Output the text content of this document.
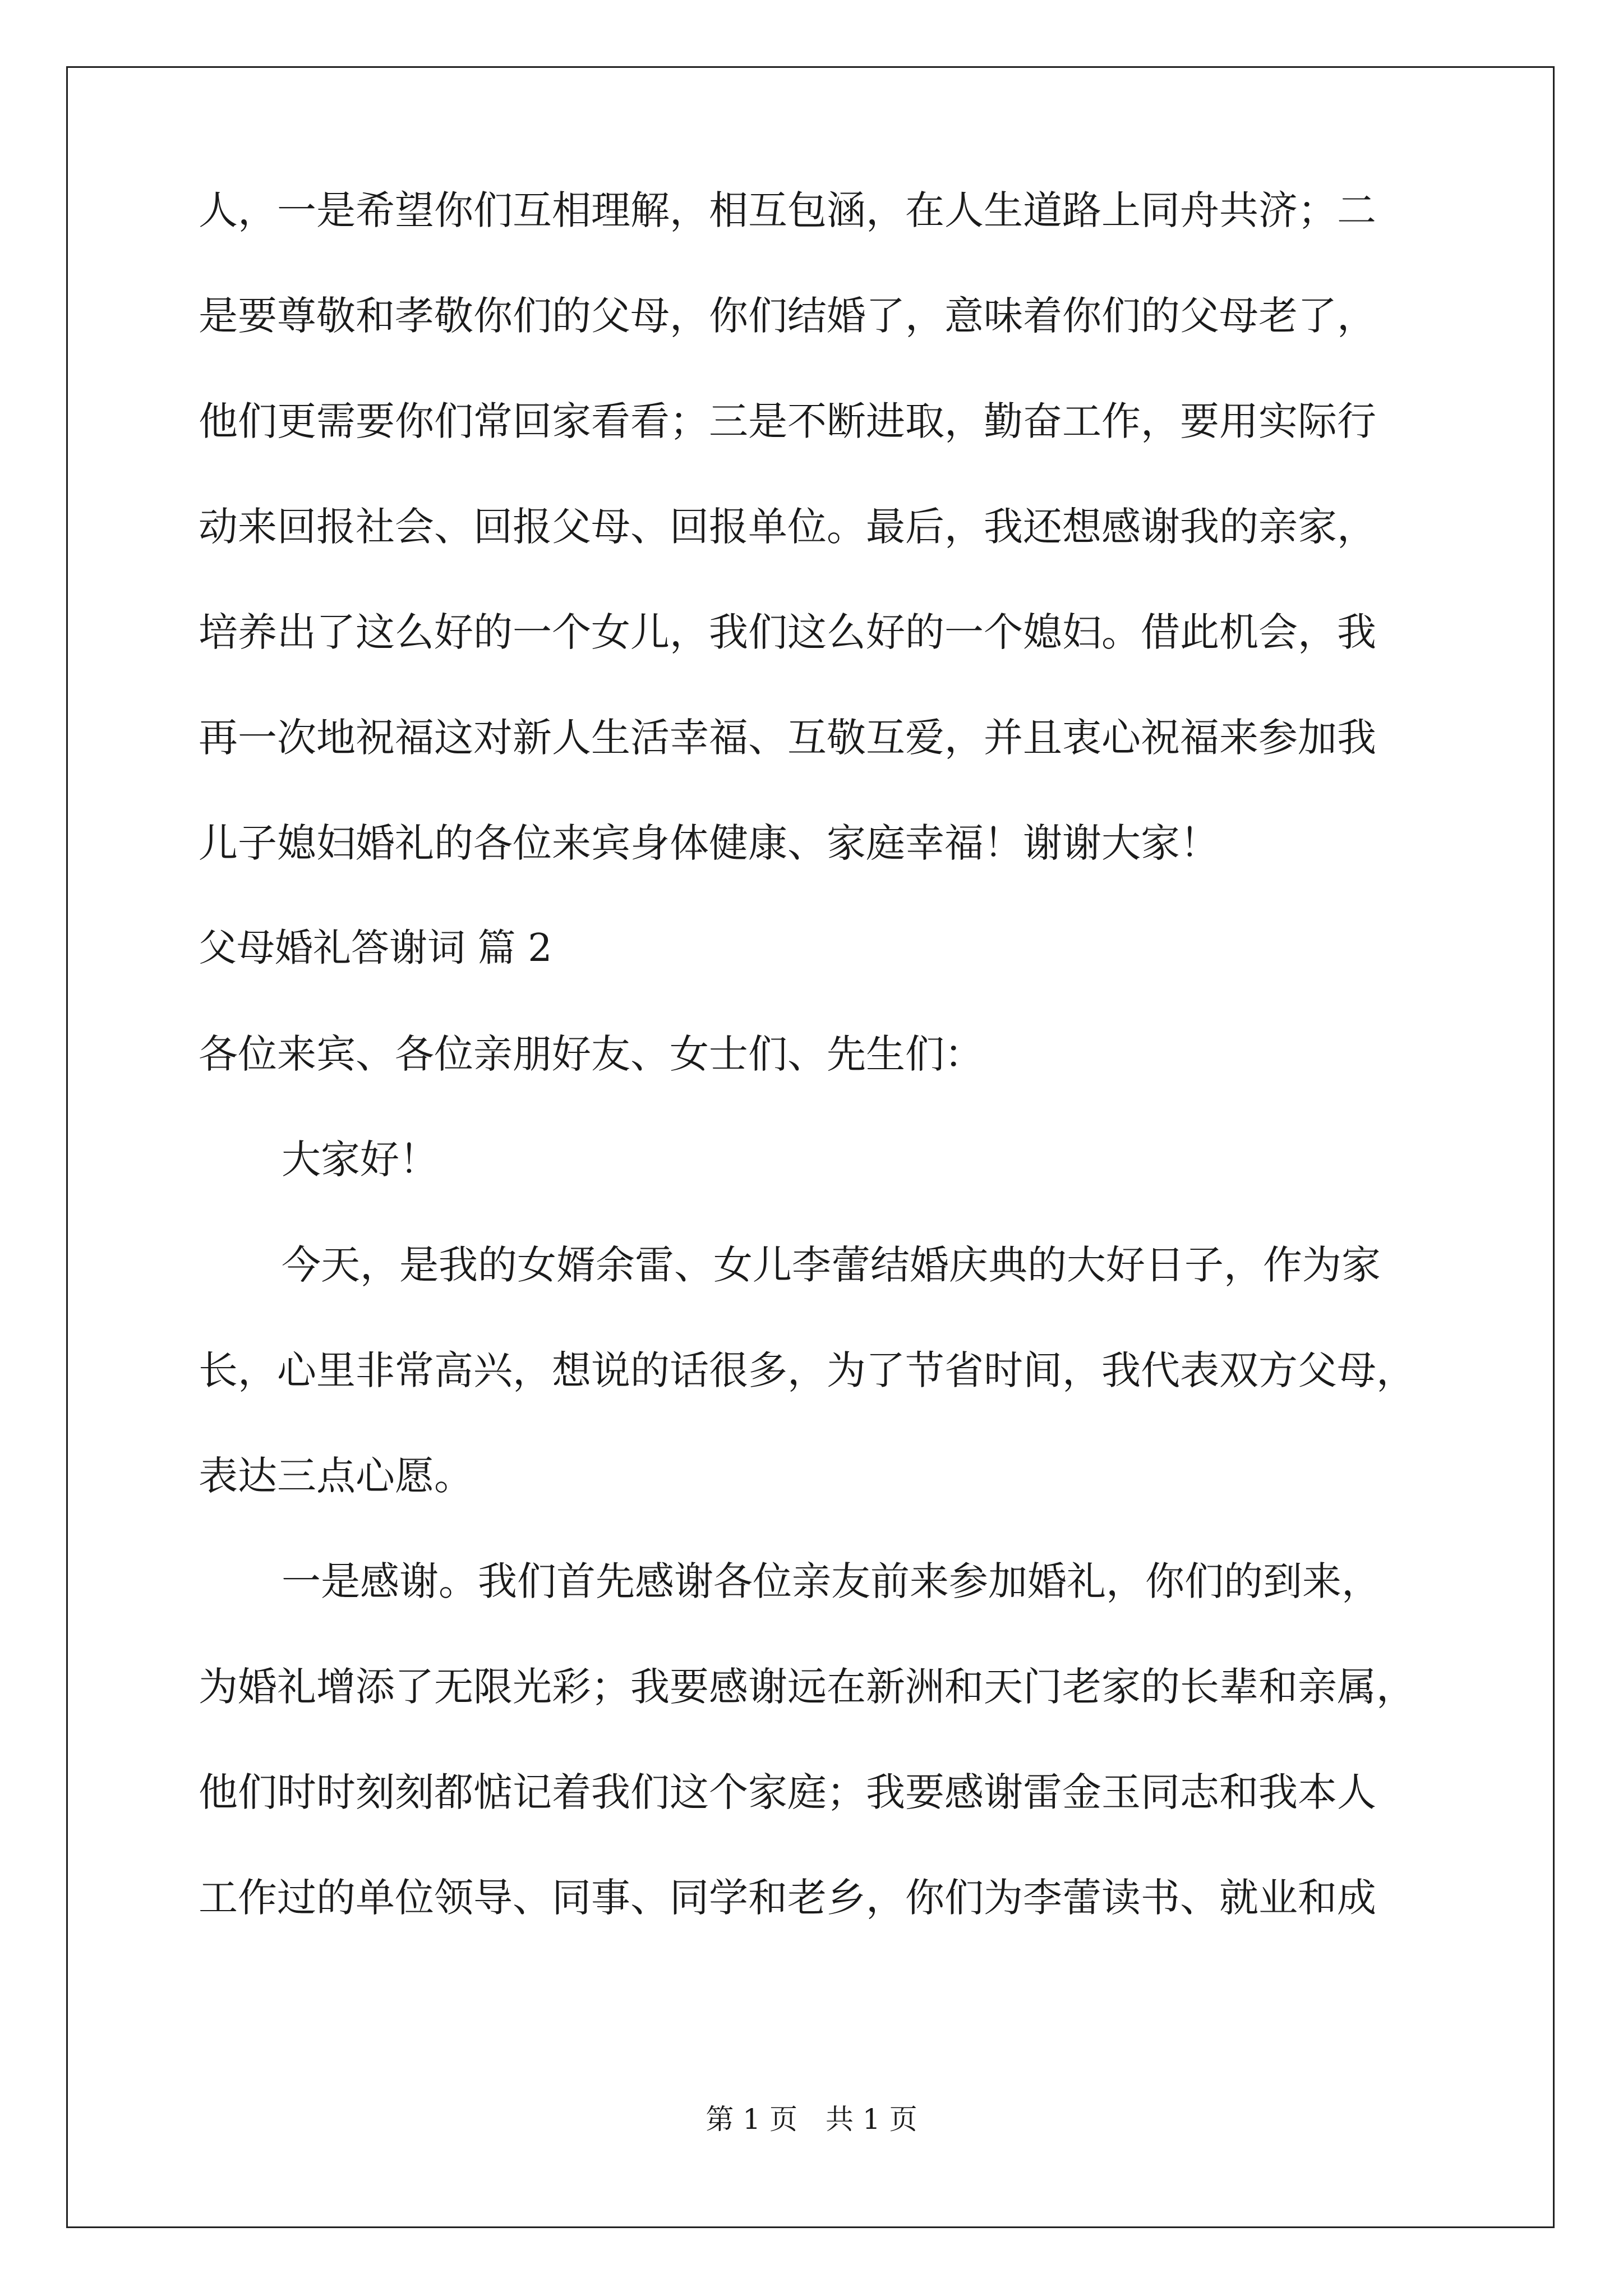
人，一是希望你们互相理解，相互包涵，在人生道路上同舟共济；二
是要尊敬和孝敬你们的父母，你们结婚了，意味着你们的父母老了，
他们更需要你们常回家看看；三是不断进取，勤奋工作，要用实际行
动来回报社会、回报父母、回报单位。最后，我还想感谢我的亲家，
培养出了这么好的一个女儿，我们这么好的一个媳妇。借此机会，我
再一次地祝福这对新人生活幸福、互敬互爱，并且衷心祝福来参加我
儿子媳妇婚礼的各位来宾身体健康、家庭幸福！谢谢大家！
父母婚礼答谢词 篇 2
各位来宾、各位亲朋好友、女士们、先生们：
大家好！
今天，是我的女婿余雷、女儿李蕾结婚庆典的大好日子，作为家
长，心里非常高兴，想说的话很多，为了节省时间，我代表双方父母，
表达三点心愿。
一是感谢。我们首先感谢各位亲友前来参加婚礼，你们的到来，
为婚礼增添了无限光彩；我要感谢远在新洲和天门老家的长辈和亲属，
他们时时刻刻都惦记着我们这个家庭；我要感谢雷金玉同志和我本人
工作过的单位领导、同事、同学和老乡，你们为李蕾读书、就业和成
第 1 页　共 1 页
